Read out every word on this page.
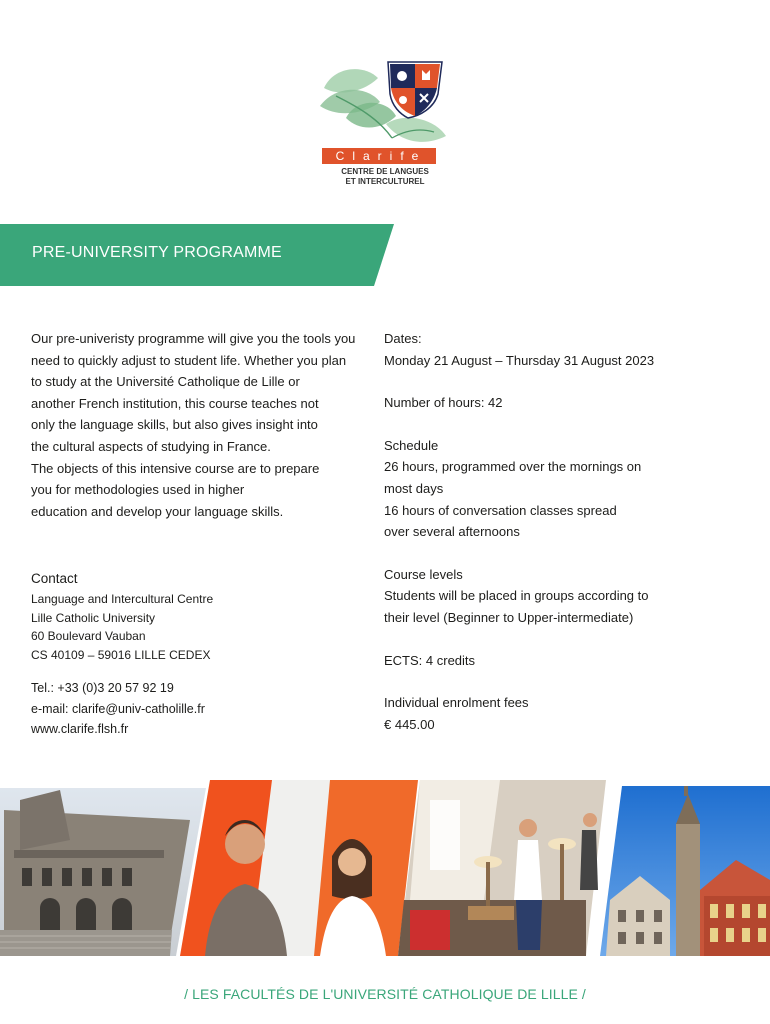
Clarife
CENTRE DE LANGUES
ET INTERCULTUREL
PRE-UNIVERSITY PROGRAMME

Our pre-univeristy programme will give you the tools you

need to quickly adjust to student life. Whether you plan

to study at the Université Catholique de Lille or

another French institution, this course teaches not

only the language skills, but also gives insight into

the cultural aspects of studying in France.

The objects of this intensive course are to prepare

you for methodologies used in higher

education and develop your language skills.

Dates:

Monday 21 August – Thursday 31 August 2023

Number of hours: 42

Schedule

26 hours, programmed over the mornings on

most days

16 hours of conversation classes spread

over several afternoons

Course levels

Students will be placed in groups according to

their level (Beginner to Upper-intermediate)

ECTS: 4 credits

Individual enrolment fees

€ 445.00

Contact

Language and Intercultural Centre

Lille Catholic University

60 Boulevard Vauban

CS 40109 – 59016 LILLE CEDEX

Tel.: +33 (0)3 20 57 92 19

e-mail: clarife@univ-catholille.fr

www.clarife.flsh.fr

/ LES FACULTÉS DE L'UNIVERSITÉ CATHOLIQUE DE LILLE /
